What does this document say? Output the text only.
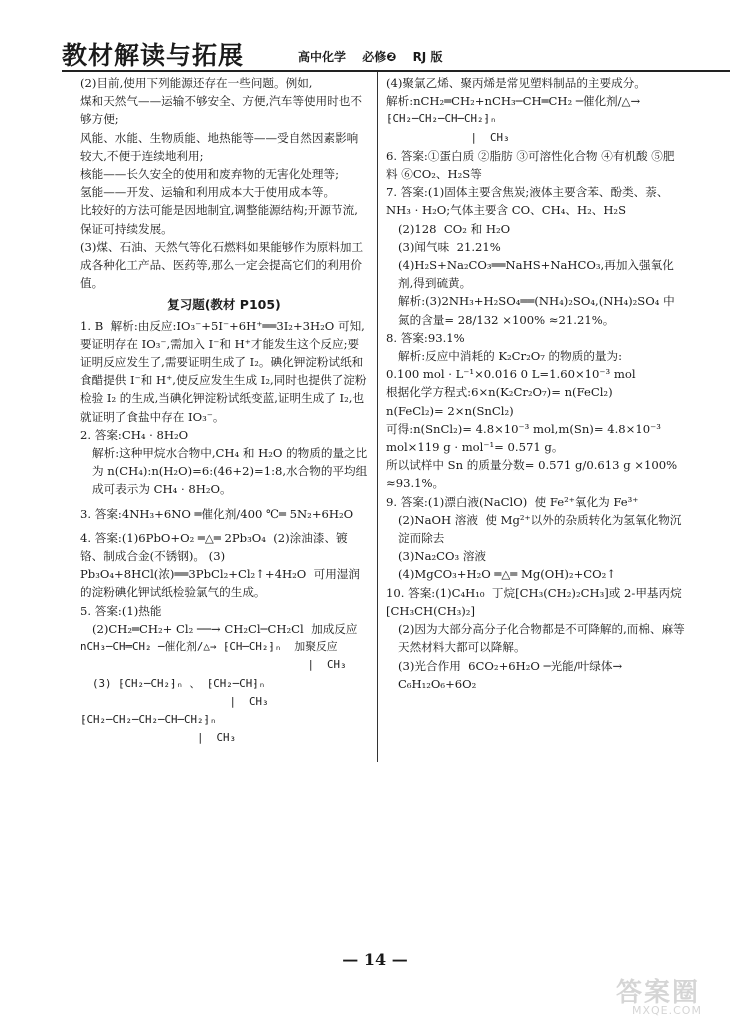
教材解读与拓展	高中化学 必修❷ RJ 版

(2)目前,使用下列能源还存在一些问题。例如,

煤和天然气——运输不够安全、方便,汽车等使用时也不够方便;

风能、水能、生物质能、地热能等——受自然因素影响较大,不便于连续地利用;

核能——长久安全的使用和废弃物的无害化处理等;

氢能——开发、运输和利用成本大于使用成本等。

比较好的方法可能是因地制宜,调整能源结构;开源节流,保证可持续发展。

(3)煤、石油、天然气等化石燃料如果能够作为原料加工成各种化工产品、医药等,那么一定会提高它们的利用价值。

复习题(教材 P105)

1. B  解析:由反应:IO₃⁻+5I⁻+6H⁺══3I₂+3H₂O 可知,要证明存在 IO₃⁻,需加入 I⁻和 H⁺才能发生这个反应;要证明反应发生了,需要证明生成了 I₂。碘化钾淀粉试纸和食醋提供 I⁻和 H⁺,使反应发生生成 I₂,同时也提供了淀粉检验 I₂ 的生成,当碘化钾淀粉试纸变蓝,证明生成了 I₂,也就证明了食盐中存在 IO₃⁻。

2. 答案:CH₄ · 8H₂O

解析:这种甲烷水合物中,CH₄ 和 H₂O 的物质的量之比为 n(CH₄):n(H₂O)=6:(46+2)=1:8,水合物的平均组成可表示为 CH₄ · 8H₂O。

3. 答案:4NH₃+6NO ═催化剂/400 ℃═ 5N₂+6H₂O

4. 答案:(1)6PbO+O₂ ═△═ 2Pb₃O₄  (2)涂油漆、镀铬、制成合金(不锈钢)。 (3) Pb₃O₄+8HCl(浓)══3PbCl₂+Cl₂↑+4H₂O  可用湿润的淀粉碘化钾试纸检验氯气的生成。

5. 答案:(1)热能

(2)CH₂═CH₂+ Cl₂ ──→ CH₂Cl─CH₂Cl  加成反应

nCH₃─CH═CH₂ ─催化剂/△→ ⁅CH─CH₂⁆ₙ  加聚反应

|  CH₃

(3) ⁅CH₂─CH₂⁆ₙ 、 ⁅CH₂─CH⁆ₙ

|  CH₃

⁅CH₂─CH₂─CH₂─CH─CH₂⁆ₙ

|  CH₃

(4)聚氯乙烯、聚丙烯是常见塑料制品的主要成分。

解析:nCH₂═CH₂+nCH₃─CH═CH₂ ─催化剂/△→

⁅CH₂─CH₂─CH─CH₂⁆ₙ

|  CH₃

6. 答案:①蛋白质 ②脂肪 ③可溶性化合物 ④有机酸 ⑤肥料 ⑥CO₂、H₂S等

7. 答案:(1)固体主要含焦炭;液体主要含苯、酚类、萘、NH₃ · H₂O;气体主要含 CO、CH₄、H₂、H₂S

(2)128  CO₂ 和 H₂O

(3)闻气味  21.21%

(4)H₂S+Na₂CO₃══NaHS+NaHCO₃,再加入强氧化剂,得到硫黄。

解析:(3)2NH₃+H₂SO₄══(NH₄)₂SO₄,(NH₄)₂SO₄ 中氮的含量= 28/132 ×100% ≈21.21%。

8. 答案:93.1%

解析:反应中消耗的 K₂Cr₂O₇ 的物质的量为:

0.100 mol · L⁻¹×0.016 0 L=1.60×10⁻³ mol

根据化学方程式:6×n(K₂Cr₂O₇)= n(FeCl₂)

n(FeCl₂)= 2×n(SnCl₂)

可得:n(SnCl₂)= 4.8×10⁻³ mol,m(Sn)= 4.8×10⁻³ mol×119 g · mol⁻¹= 0.571 g。

所以试样中 Sn 的质量分数= 0.571 g/0.613 g ×100% ≈93.1%。

9. 答案:(1)漂白液(NaClO)  使 Fe²⁺氧化为 Fe³⁺

(2)NaOH 溶液  使 Mg²⁺以外的杂质转化为氢氧化物沉淀而除去

(3)Na₂CO₃ 溶液

(4)MgCO₃+H₂O ═△═ Mg(OH)₂+CO₂↑

10. 答案:(1)C₄H₁₀  丁烷[CH₃(CH₂)₂CH₃]或 2-甲基丙烷[CH₃CH(CH₃)₂]

(2)因为大部分高分子化合物都是不可降解的,而棉、麻等天然材料大都可以降解。

(3)光合作用  6CO₂+6H₂O ─光能/叶绿体→ C₆H₁₂O₆+6O₂

— 14 —
答案圈
MXQE.COM
